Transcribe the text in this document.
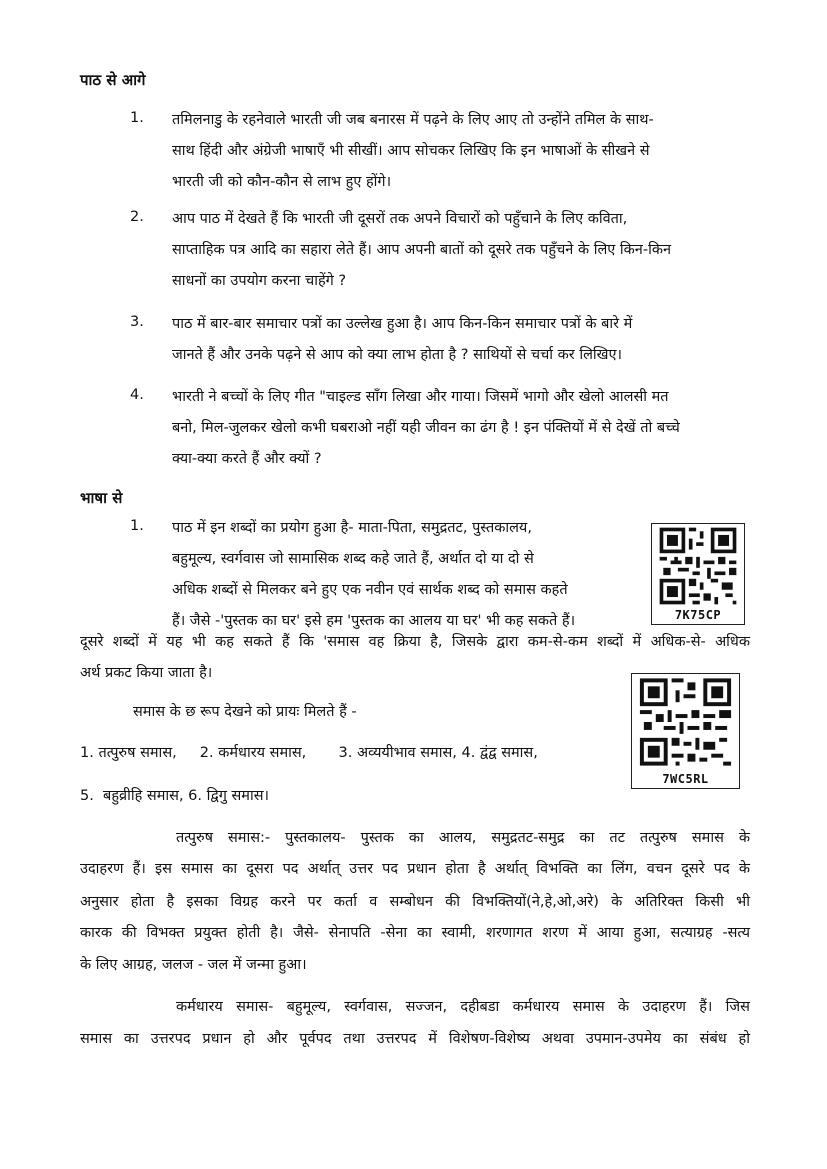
पाठ से आगे
1. तमिलनाडु के रहनेवाले भारती जी जब बनारस में पढ़ने के लिए आए तो उन्होंने तमिल के साथ-
साथ हिंदी और अंग्रेजी भाषाएँ भी सीखीं। आप सोचकर लिखिए कि इन भाषाओं के सीखने से
भारती जी को कौन-कौन से लाभ हुए होंगे।
2. आप पाठ में देखते हैं कि भारती जी दूसरों तक अपने विचारों को पहुँचाने के लिए कविता,
साप्ताहिक पत्र आदि का सहारा लेते हैं। आप अपनी बातों को दूसरे तक पहुँचने के लिए किन-किन
साधनों का उपयोग करना चाहेंगे ?
3. पाठ में बार-बार समाचार पत्रों का उल्लेख हुआ है। आप किन-किन समाचार पत्रों के बारे में
जानते हैं और उनके पढ़ने से आप को क्या लाभ होता है ? साथियों से चर्चा कर लिखिए।
4. भारती ने बच्चों के लिए गीत "चाइल्ड साँग लिखा और गाया। जिसमें भागो और खेलो आलसी मत
बनो, मिल-जुलकर खेलो कभी घबराओ नहीं यही जीवन का ढंग है ! इन पंक्तियों में से देखें तो बच्चे
क्या-क्या करते हैं और क्यों ?
भाषा से
1. पाठ में इन शब्दों का प्रयोग हुआ है- माता-पिता, समुद्रतट, पुस्तकालय,
बहुमूल्य, स्वर्गवास जो सामासिक शब्द कहे जाते हैं, अर्थात दो या दो से
अधिक शब्दों से मिलकर बने हुए एक नवीन एवं सार्थक शब्द को समास कहते
हैं। जैसे -'पुस्तक का घर' इसे हम 'पुस्तक का आलय या घर' भी कह सकते हैं।	7K75CP
दूसरे शब्दों में यह भी कह सकते हैं कि 'समास वह क्रिया है, जिसके द्वारा कम-से-कम शब्दों में अधिक-से- अधिक
अर्थ प्रकट किया जाता है।
7WC5RL
समास के छ रूप देखने को प्रायः मिलते हैं -
1. तत्पुरुष समास,     2. कर्मधारय समास,       3. अव्ययीभाव समास, 4. द्वंद्व समास,
5.  बहुव्रीहि समास, 6. द्विगु समास।
तत्पुरुष समास:- पुस्तकालय- पुस्तक का आलय, समुद्रतट-समुद्र का तट तत्पुरुष समास के
उदाहरण हैं। इस समास का दूसरा पद अर्थात् उत्तर पद प्रधान होता है अर्थात् विभक्ति का लिंग, वचन दूसरे पद के
अनुसार होता है इसका विग्रह करने पर कर्ता व सम्बोधन की विभक्तियों(ने,हे,ओ,अरे) के अतिरिक्त किसी भी
कारक की विभक्त प्रयुक्त होती है। जैसे- सेनापति -सेना का स्वामी, शरणागत शरण में आया हुआ, सत्याग्रह -सत्य
के लिए आग्रह, जलज - जल में जन्मा हुआ।
कर्मधारय समास- बहुमूल्य, स्वर्गवास, सज्जन, दहीबडा कर्मधारय समास के उदाहरण हैं। जिस
समास का उत्तरपद प्रधान हो और पूर्वपद तथा उत्तरपद में विशेषण-विशेष्य अथवा उपमान-उपमेय का संबंध हो
